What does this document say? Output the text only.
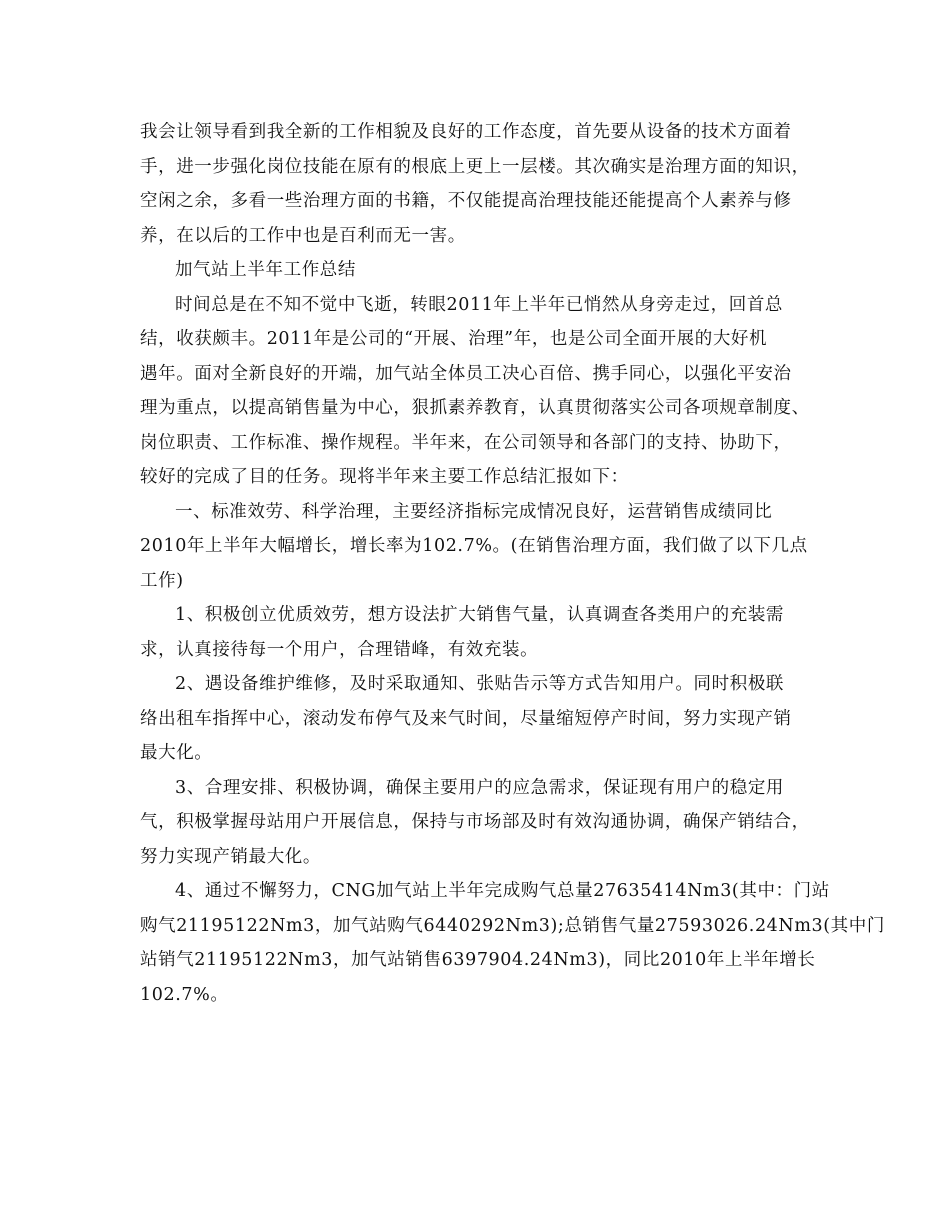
我会让领导看到我全新的工作相貌及良好的工作态度，首先要从设备的技术方面着
手，进一步强化岗位技能在原有的根底上更上一层楼。其次确实是治理方面的知识，
空闲之余，多看一些治理方面的书籍，不仅能提高治理技能还能提高个人素养与修
养，在以后的工作中也是百利而无一害。
加气站上半年工作总结
时间总是在不知不觉中飞逝，转眼2011年上半年已悄然从身旁走过，回首总
结，收获颇丰。2011年是公司的“开展、治理”年，也是公司全面开展的大好机
遇年。面对全新良好的开端，加气站全体员工决心百倍、携手同心，以强化平安治
理为重点，以提高销售量为中心，狠抓素养教育，认真贯彻落实公司各项规章制度、
岗位职责、工作标准、操作规程。半年来，在公司领导和各部门的支持、协助下，
较好的完成了目的任务。现将半年来主要工作总结汇报如下：
一、标准效劳、科学治理，主要经济指标完成情况良好，运营销售成绩同比
2010年上半年大幅增长，增长率为102.7%。(在销售治理方面，我们做了以下几点
工作)
1、积极创立优质效劳，想方设法扩大销售气量，认真调查各类用户的充装需
求，认真接待每一个用户，合理错峰，有效充装。
2、遇设备维护维修，及时采取通知、张贴告示等方式告知用户。同时积极联
络出租车指挥中心，滚动发布停气及来气时间，尽量缩短停产时间，努力实现产销
最大化。
3、合理安排、积极协调，确保主要用户的应急需求，保证现有用户的稳定用
气，积极掌握母站用户开展信息，保持与市场部及时有效沟通协调，确保产销结合，
努力实现产销最大化。
4、通过不懈努力，CNG加气站上半年完成购气总量27635414Nm3(其中：门站
购气21195122Nm3，加气站购气6440292Nm3);总销售气量27593026.24Nm3(其中门
站销气21195122Nm3，加气站销售6397904.24Nm3)，同比2010年上半年增长
102.7%。
